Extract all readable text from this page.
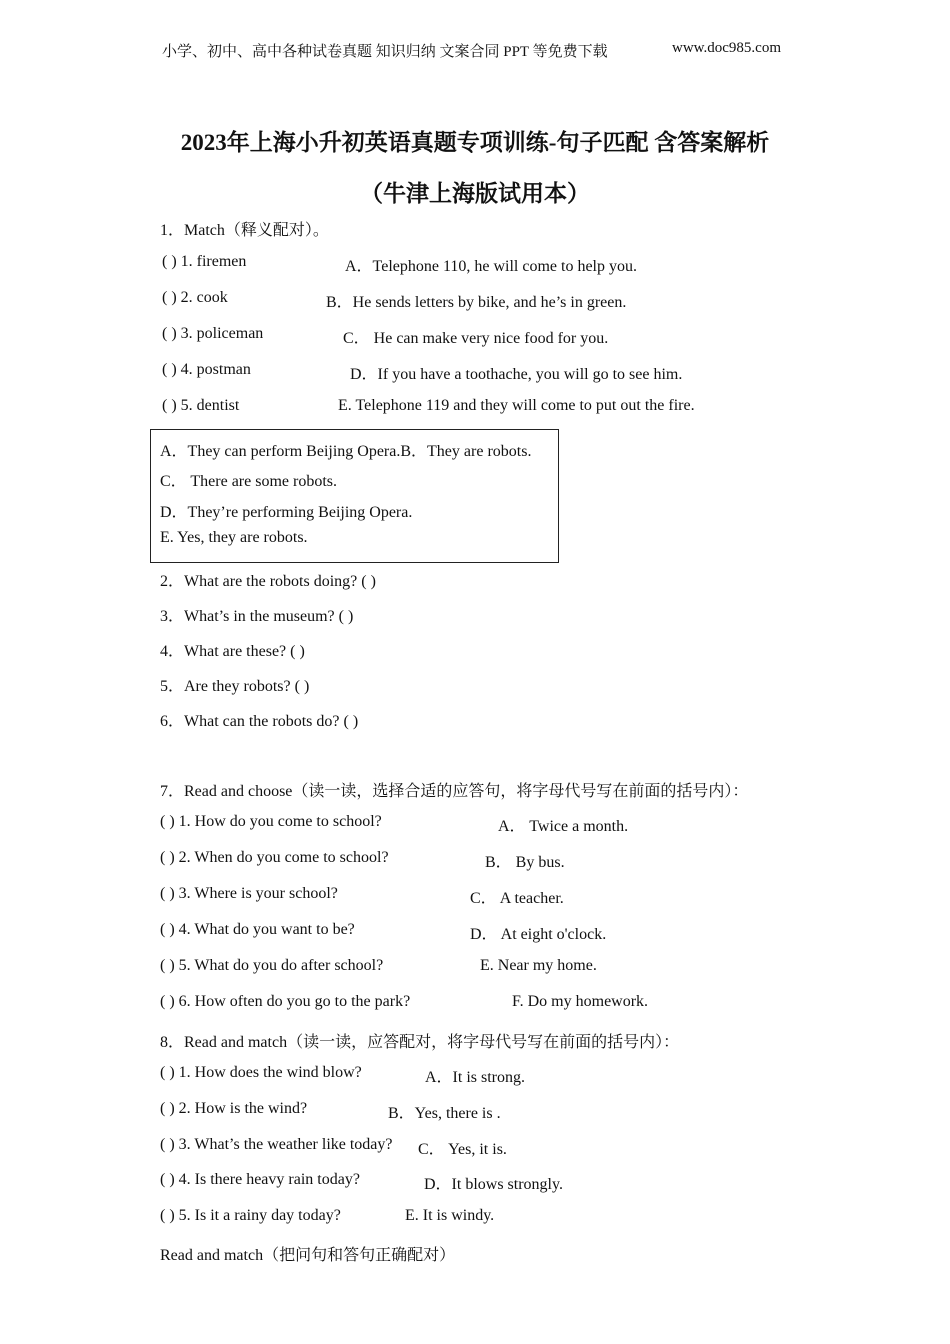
小学、初中、高中各种试卷真题 知识归纳 文案合同 PPT 等免费下载	www.doc985.com
2023年上海小升初英语真题专项训练-句子匹配 含答案解析
（牛津上海版试用本）
1．Match（释义配对）。
( ) 1. firemen	A．Telephone 110, he will come to help you.
( ) 2. cook	B．He sends letters by bike, and he’s in green.
( ) 3. policeman	C． He can make very nice food for you.
( ) 4. postman	D．If you have a toothache, you will go to see him.
( ) 5. dentist	E. Telephone 119 and they will come to put out the fire.
A．They can perform Beijing Opera.B．They are robots.
C． There are some robots.
D．They’re performing Beijing Opera.
E. Yes, they are robots.
2．What are the robots doing? ( )
3．What’s in the museum? ( )
4．What are these? ( )
5．Are they robots? ( )
6．What can the robots do? ( )
7．Read and choose（读一读，选择合适的应答句，将字母代号写在前面的括号内）：
( ) 1. How do you come to school?	A． Twice a month.
( ) 2. When do you come to school?	B． By bus.
( ) 3. Where is your school?	C． A teacher.
( ) 4. What do you want to be?	D． At eight o'clock.
( ) 5. What do you do after school?	E. Near my home.
( ) 6. How often do you go to the park?	F. Do my homework.
8．Read and match（读一读，应答配对，将字母代号写在前面的括号内）：
( ) 1. How does the wind blow?	A．It is strong.
( ) 2. How is the wind?	B．Yes, there is .
( ) 3. What’s the weather like today? C． Yes, it is.
( ) 4. Is there heavy rain today?	D．It blows strongly.
( ) 5. Is it a rainy day today?	E. It is windy.
Read and match（把问句和答句正确配对）
